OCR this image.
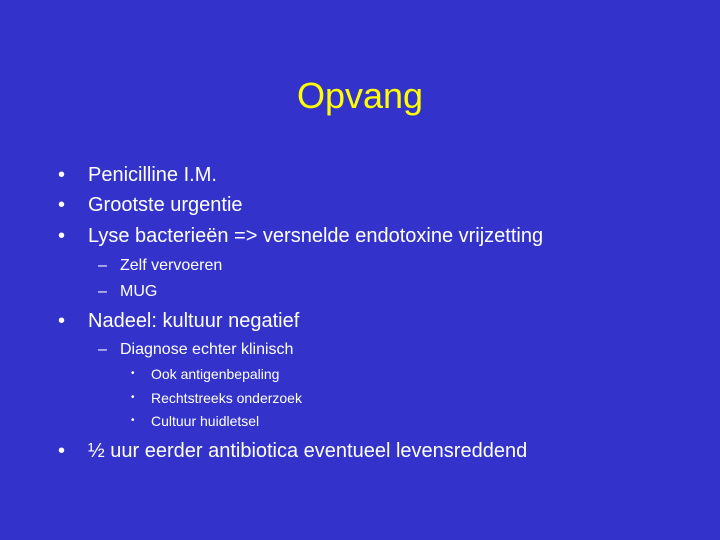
Opvang
• Penicilline I.M.
• Grootste urgentie
• Lyse bacterieën => versnelde endotoxine vrijzetting
– Zelf vervoeren
– MUG
• Nadeel: kultuur negatief
– Diagnose echter klinisch
• Ook antigenbepaling
• Rechtstreeks onderzoek
• Cultuur huidletsel
• ½ uur eerder antibiotica eventueel levensreddend
